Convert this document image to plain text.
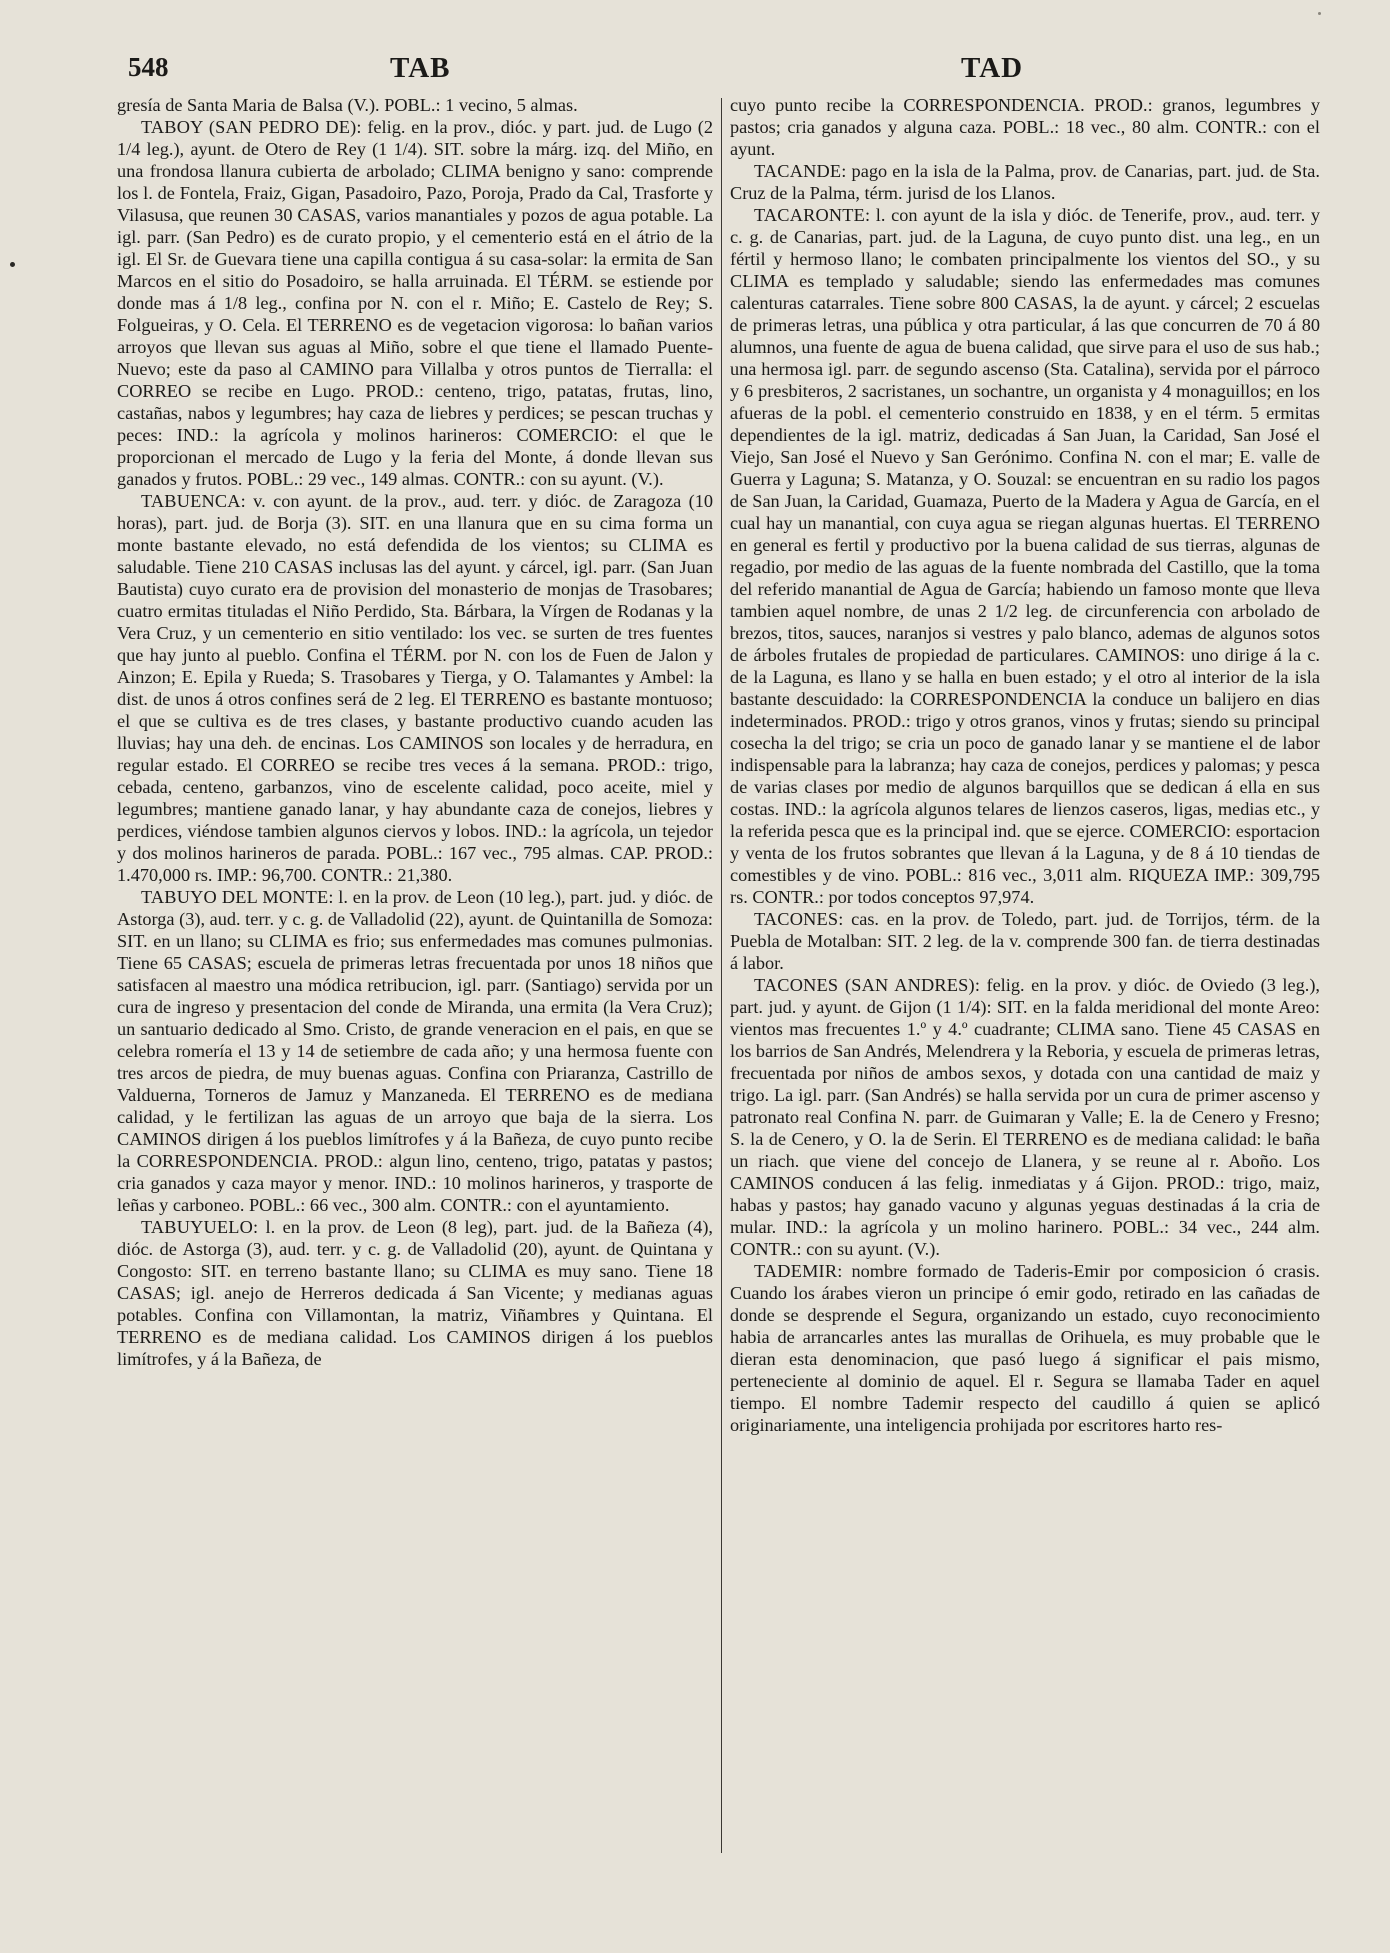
548	TAB	TAD

gresía de Santa Maria de Balsa (V.). POBL.: 1 vecino, 5 almas.

TABOY (SAN PEDRO DE): felig. en la prov., dióc. y part. jud. de Lugo (2 1/4 leg.), ayunt. de Otero de Rey (1 1/4). SIT. sobre la márg. izq. del Miño, en una frondosa llanura cubierta de arbolado; CLIMA benigno y sano: comprende los l. de Fontela, Fraiz, Gigan, Pasadoiro, Pazo, Poroja, Prado da Cal, Trasforte y Vilasusa, que reunen 30 CASAS, varios manantiales y pozos de agua potable. La igl. parr. (San Pedro) es de curato propio, y el cementerio está en el átrio de la igl. El Sr. de Guevara tiene una capilla contigua á su casa-solar: la ermita de San Marcos en el sitio do Posadoiro, se halla arruinada. El TÉRM. se estiende por donde mas á 1/8 leg., confina por N. con el r. Miño; E. Castelo de Rey; S. Folgueiras, y O. Cela. El TERRENO es de vegetacion vigorosa: lo bañan varios arroyos que llevan sus aguas al Miño, sobre el que tiene el llamado Puente-Nuevo; este da paso al CAMINO para Villalba y otros puntos de Tierralla: el CORREO se recibe en Lugo. PROD.: centeno, trigo, patatas, frutas, lino, castañas, nabos y legumbres; hay caza de liebres y perdices; se pescan truchas y peces: IND.: la agrícola y molinos harineros: COMERCIO: el que le proporcionan el mercado de Lugo y la feria del Monte, á donde llevan sus ganados y frutos. POBL.: 29 vec., 149 almas. CONTR.: con su ayunt. (V.).

TABUENCA: v. con ayunt. de la prov., aud. terr. y dióc. de Zaragoza (10 horas), part. jud. de Borja (3). SIT. en una llanura que en su cima forma un monte bastante elevado, no está defendida de los vientos; su CLIMA es saludable. Tiene 210 CASAS inclusas las del ayunt. y cárcel, igl. parr. (San Juan Bautista) cuyo curato era de provision del monasterio de monjas de Trasobares; cuatro ermitas tituladas el Niño Perdido, Sta. Bárbara, la Vírgen de Rodanas y la Vera Cruz, y un cementerio en sitio ventilado: los vec. se surten de tres fuentes que hay junto al pueblo. Confina el TÉRM. por N. con los de Fuen de Jalon y Ainzon; E. Epila y Rueda; S. Trasobares y Tierga, y O. Talamantes y Ambel: la dist. de unos á otros confines será de 2 leg. El TERRENO es bastante montuoso; el que se cultiva es de tres clases, y bastante productivo cuando acuden las lluvias; hay una deh. de encinas. Los CAMINOS son locales y de herradura, en regular estado. El CORREO se recibe tres veces á la semana. PROD.: trigo, cebada, centeno, garbanzos, vino de escelente calidad, poco aceite, miel y legumbres; mantiene ganado lanar, y hay abundante caza de conejos, liebres y perdices, viéndose tambien algunos ciervos y lobos. IND.: la agrícola, un tejedor y dos molinos harineros de parada. POBL.: 167 vec., 795 almas. CAP. PROD.: 1.470,000 rs. IMP.: 96,700. CONTR.: 21,380.

TABUYO DEL MONTE: l. en la prov. de Leon (10 leg.), part. jud. y dióc. de Astorga (3), aud. terr. y c. g. de Valladolid (22), ayunt. de Quintanilla de Somoza: SIT. en un llano; su CLIMA es frio; sus enfermedades mas comunes pulmonias. Tiene 65 CASAS; escuela de primeras letras frecuentada por unos 18 niños que satisfacen al maestro una módica retribucion, igl. parr. (Santiago) servida por un cura de ingreso y presentacion del conde de Miranda, una ermita (la Vera Cruz); un santuario dedicado al Smo. Cristo, de grande veneracion en el pais, en que se celebra romería el 13 y 14 de setiembre de cada año; y una hermosa fuente con tres arcos de piedra, de muy buenas aguas. Confina con Priaranza, Castrillo de Valduerna, Torneros de Jamuz y Manzaneda. El TERRENO es de mediana calidad, y le fertilizan las aguas de un arroyo que baja de la sierra. Los CAMINOS dirigen á los pueblos limítrofes y á la Bañeza, de cuyo punto recibe la CORRESPONDENCIA. PROD.: algun lino, centeno, trigo, patatas y pastos; cria ganados y caza mayor y menor. IND.: 10 molinos harineros, y trasporte de leñas y carboneo. POBL.: 66 vec., 300 alm. CONTR.: con el ayuntamiento.

TABUYUELO: l. en la prov. de Leon (8 leg), part. jud. de la Bañeza (4), dióc. de Astorga (3), aud. terr. y c. g. de Valladolid (20), ayunt. de Quintana y Congosto: SIT. en terreno bastante llano; su CLIMA es muy sano. Tiene 18 CASAS; igl. anejo de Herreros dedicada á San Vicente; y medianas aguas potables. Confina con Villamontan, la matriz, Viñambres y Quintana. El TERRENO es de mediana calidad. Los CAMINOS dirigen á los pueblos limítrofes, y á la Bañeza, de

cuyo punto recibe la CORRESPONDENCIA. PROD.: granos, legumbres y pastos; cria ganados y alguna caza. POBL.: 18 vec., 80 alm. CONTR.: con el ayunt.

TACANDE: pago en la isla de la Palma, prov. de Canarias, part. jud. de Sta. Cruz de la Palma, térm. jurisd de los Llanos.

TACARONTE: l. con ayunt de la isla y dióc. de Tenerife, prov., aud. terr. y c. g. de Canarias, part. jud. de la Laguna, de cuyo punto dist. una leg., en un fértil y hermoso llano; le combaten principalmente los vientos del SO., y su CLIMA es templado y saludable; siendo las enfermedades mas comunes calenturas catarrales. Tiene sobre 800 CASAS, la de ayunt. y cárcel; 2 escuelas de primeras letras, una pública y otra particular, á las que concurren de 70 á 80 alumnos, una fuente de agua de buena calidad, que sirve para el uso de sus hab.; una hermosa igl. parr. de segundo ascenso (Sta. Catalina), servida por el párroco y 6 presbiteros, 2 sacristanes, un sochantre, un organista y 4 monaguillos; en los afueras de la pobl. el cementerio construido en 1838, y en el térm. 5 ermitas dependientes de la igl. matriz, dedicadas á San Juan, la Caridad, San José el Viejo, San José el Nuevo y San Gerónimo. Confina N. con el mar; E. valle de Guerra y Laguna; S. Matanza, y O. Souzal: se encuentran en su radio los pagos de San Juan, la Caridad, Guamaza, Puerto de la Madera y Agua de García, en el cual hay un manantial, con cuya agua se riegan algunas huertas. El TERRENO en general es fertil y productivo por la buena calidad de sus tierras, algunas de regadio, por medio de las aguas de la fuente nombrada del Castillo, que la toma del referido manantial de Agua de García; habiendo un famoso monte que lleva tambien aquel nombre, de unas 2 1/2 leg. de circunferencia con arbolado de brezos, titos, sauces, naranjos si vestres y palo blanco, ademas de algunos sotos de árboles frutales de propiedad de particulares. CAMINOS: uno dirige á la c. de la Laguna, es llano y se halla en buen estado; y el otro al interior de la isla bastante descuidado: la CORRESPONDENCIA la conduce un balijero en dias indeterminados. PROD.: trigo y otros granos, vinos y frutas; siendo su principal cosecha la del trigo; se cria un poco de ganado lanar y se mantiene el de labor indispensable para la labranza; hay caza de conejos, perdices y palomas; y pesca de varias clases por medio de algunos barquillos que se dedican á ella en sus costas. IND.: la agrícola algunos telares de lienzos caseros, ligas, medias etc., y la referida pesca que es la principal ind. que se ejerce. COMERCIO: esportacion y venta de los frutos sobrantes que llevan á la Laguna, y de 8 á 10 tiendas de comestibles y de vino. POBL.: 816 vec., 3,011 alm. RIQUEZA IMP.: 309,795 rs. CONTR.: por todos conceptos 97,974.

TACONES: cas. en la prov. de Toledo, part. jud. de Torrijos, térm. de la Puebla de Motalban: SIT. 2 leg. de la v. comprende 300 fan. de tierra destinadas á labor.

TACONES (SAN ANDRES): felig. en la prov. y dióc. de Oviedo (3 leg.), part. jud. y ayunt. de Gijon (1 1/4): SIT. en la falda meridional del monte Areo: vientos mas frecuentes 1.º y 4.º cuadrante; CLIMA sano. Tiene 45 CASAS en los barrios de San Andrés, Melendrera y la Reboria, y escuela de primeras letras, frecuentada por niños de ambos sexos, y dotada con una cantidad de maiz y trigo. La igl. parr. (San Andrés) se halla servida por un cura de primer ascenso y patronato real Confina N. parr. de Guimaran y Valle; E. la de Cenero y Fresno; S. la de Cenero, y O. la de Serin. El TERRENO es de mediana calidad: le baña un riach. que viene del concejo de Llanera, y se reune al r. Aboño. Los CAMINOS conducen á las felig. inmediatas y á Gijon. PROD.: trigo, maiz, habas y pastos; hay ganado vacuno y algunas yeguas destinadas á la cria de mular. IND.: la agrícola y un molino harinero. POBL.: 34 vec., 244 alm. CONTR.: con su ayunt. (V.).

TADEMIR: nombre formado de Taderis-Emir por composicion ó crasis. Cuando los árabes vieron un principe ó emir godo, retirado en las cañadas de donde se desprende el Segura, organizando un estado, cuyo reconocimiento habia de arrancarles antes las murallas de Orihuela, es muy probable que le dieran esta denominacion, que pasó luego á significar el pais mismo, perteneciente al dominio de aquel. El r. Segura se llamaba Tader en aquel tiempo. El nombre Tademir respecto del caudillo á quien se aplicó originariamente, una inteligencia prohijada por escritores harto res-
